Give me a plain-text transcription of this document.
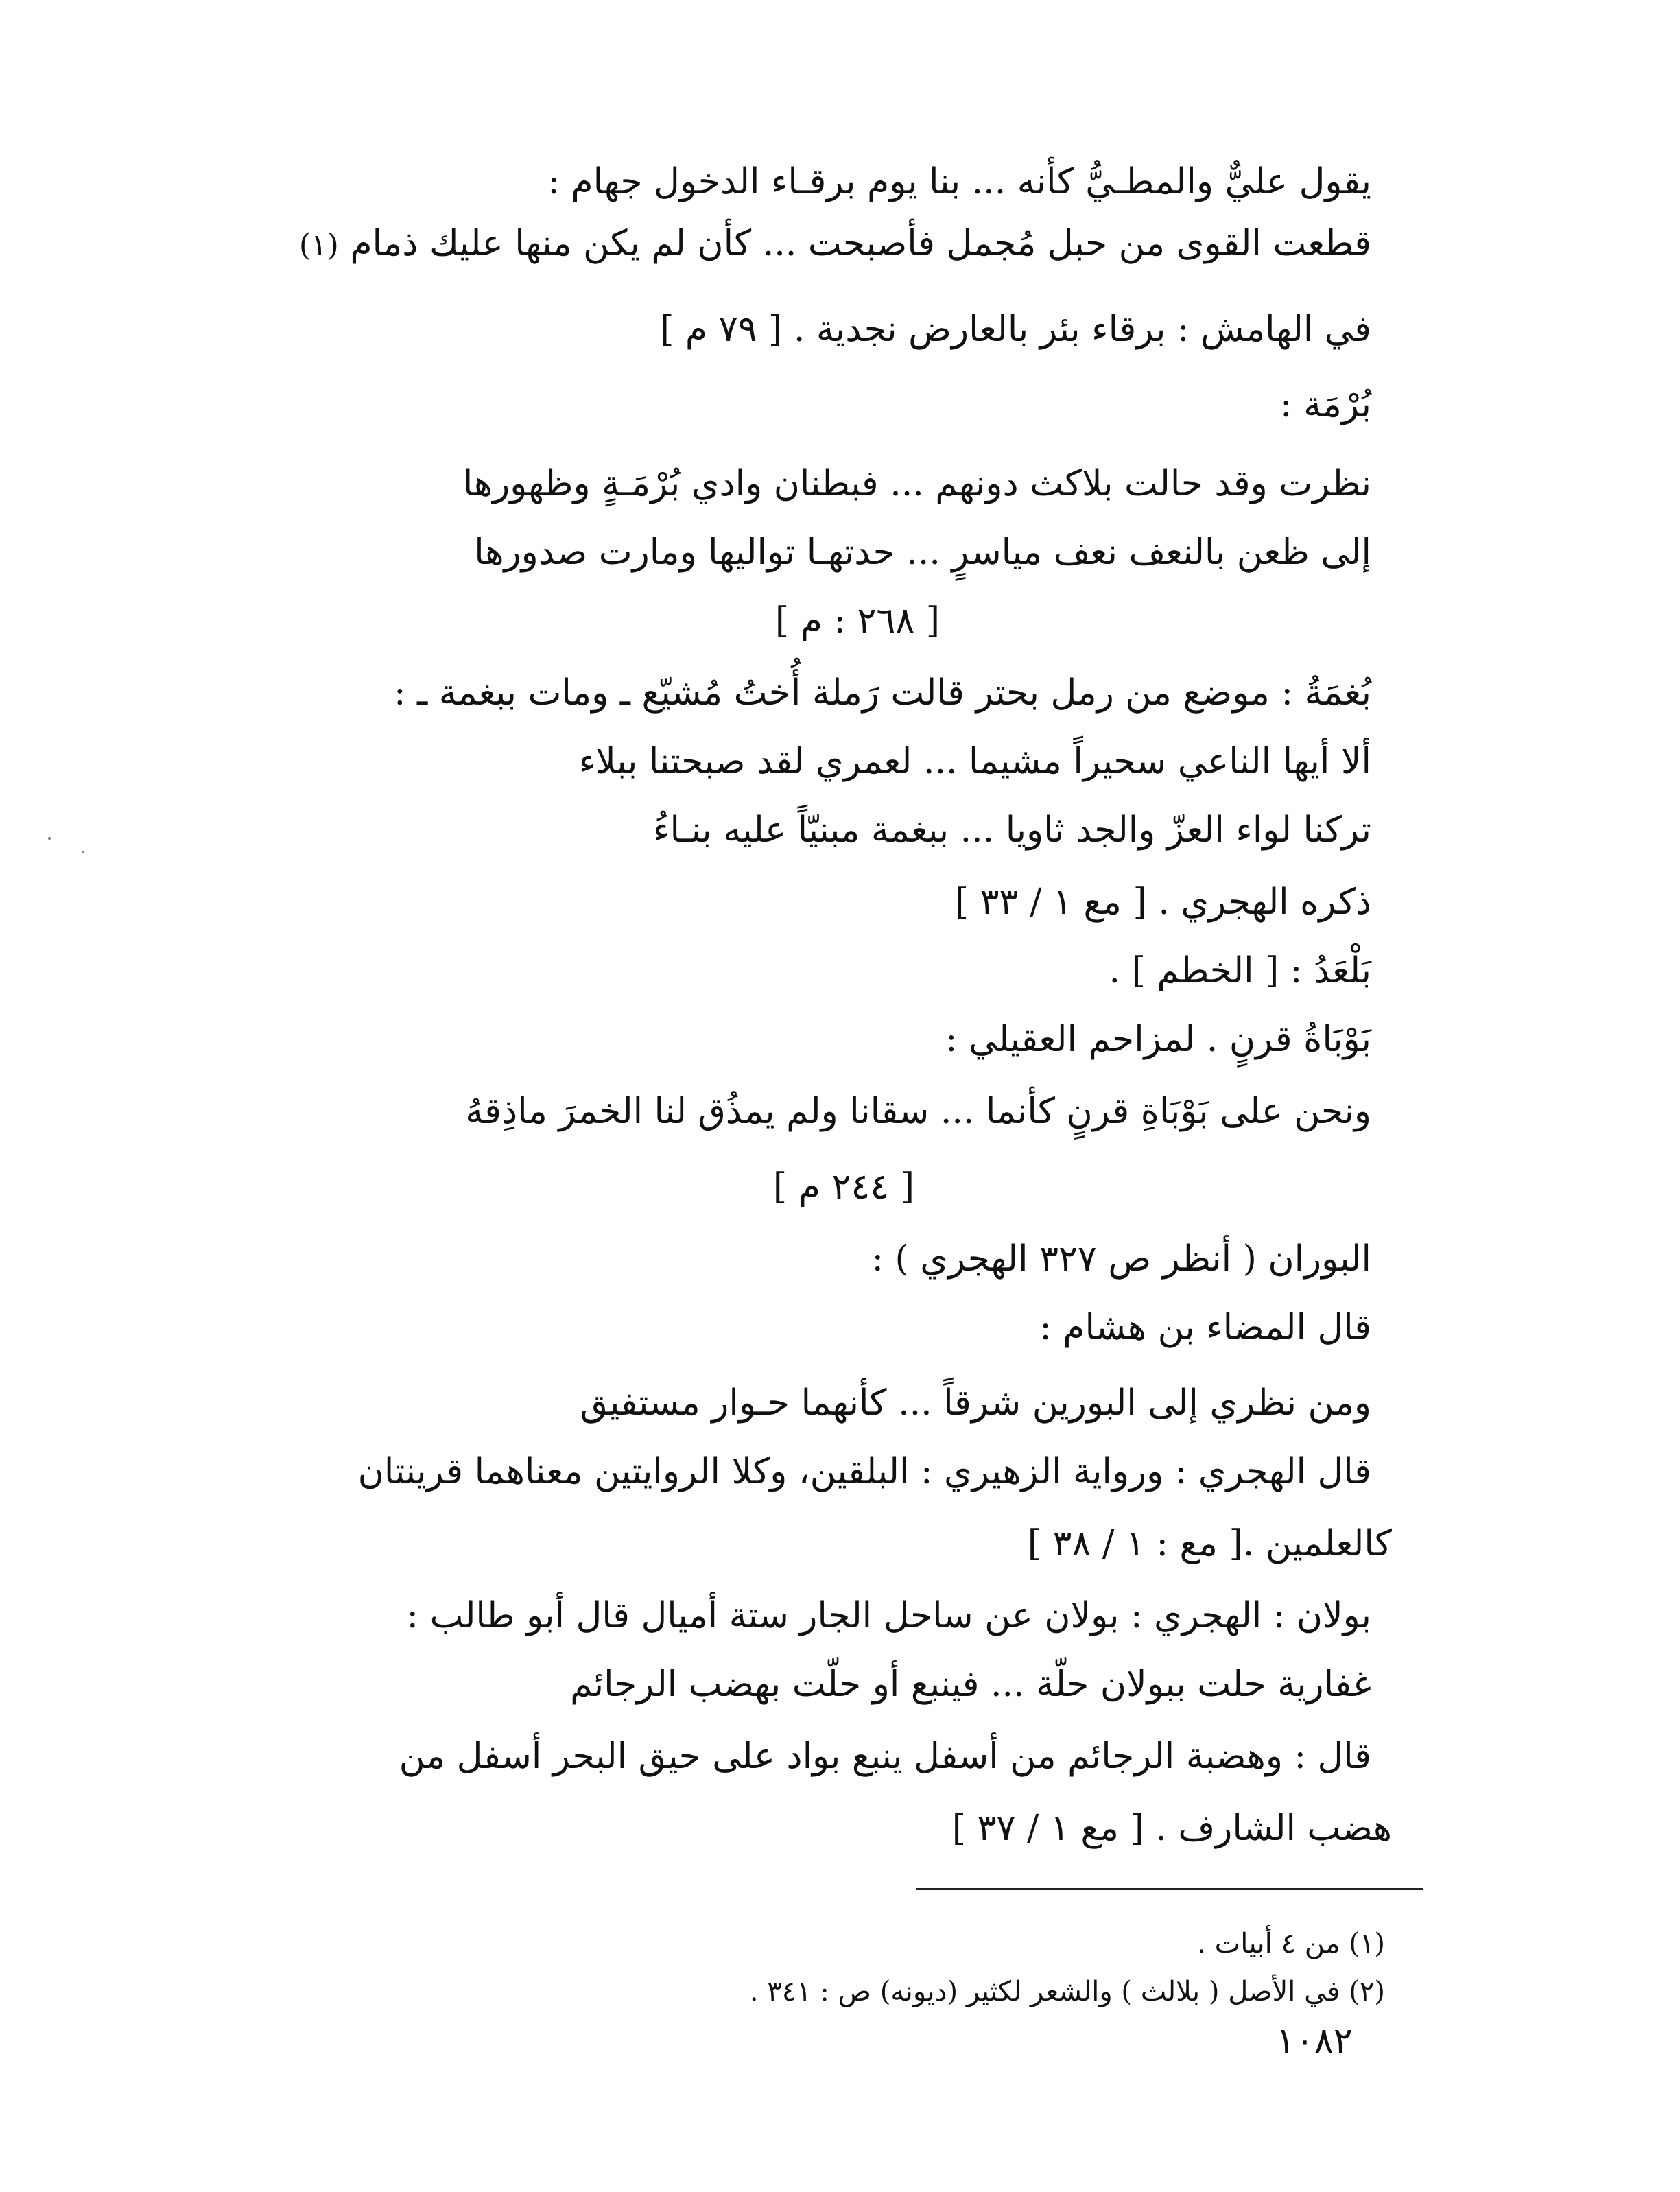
يقول عليٌّ والمطـيُّ كأنه ... بنا يوم برقـاء الدخول جهام :
قطعت القوى من حبل مُجمل فأصبحت ... كأن لم يكن منها عليك ذمام (١)
في الهامش : برقاء بئر بالعارض نجدية . [ ٧٩ م ]
بُرْمَة :
نظرت وقد حالت بلاكث دونهم ... فبطنان وادي بُرْمَـةٍ وظهورها
إلى ظعن بالنعف نعف مياسرٍ ... حدتهـا تواليها ومارت صدورها
[ ٢٦٨ : م ]
بُغمَةُ : موضع من رمل بحتر قالت رَملة أُختُ مُشيّع ـ ومات ببغمة ـ :
ألا أيها الناعي سحيراً مشيما ... لعمري لقد صبحتنا ببلاء
تركنا لواء العزّ والجد ثاويا ... ببغمة مبنيّاً عليه بنـاءُ
ذكره الهجري . [ مع ١ / ٣٣ ]
بَلْعَدُ : [ الخطم ] .
بَوْبَاةُ قرنٍ . لمزاحم العقيلي :
ونحن على بَوْبَاةِ قرنٍ كأنما ... سقانا ولم يمذُق لنا الخمرَ ماذِقهُ
[ ٢٤٤ م ]
البوران ( أنظر ص ٣٢٧ الهجري ) :
قال المضاء بن هشام :
ومن نظري إلى البورين شرقاً ... كأنهما حـوار مستفيق
قال الهجري : ورواية الزهيري : البلقين، وكلا الروايتين معناهما قرينتان
كالعلمين .[ مع : ١ / ٣٨ ]
بولان : الهجري : بولان عن ساحل الجار ستة أميال قال أبو طالب :
غفارية حلت ببولان حلّة ... فينبع أو حلّت بهضب الرجائم
قال : وهضبة الرجائم من أسفل ينبع بواد على حيق البحر أسفل من
هضب الشارف . [ مع ١ / ٣٧ ]
(١) من ٤ أبيات .
(٢) في الأصل ( بلالث ) والشعر لكثير (ديونه) ص : ٣٤١ .
١٠٨٢
